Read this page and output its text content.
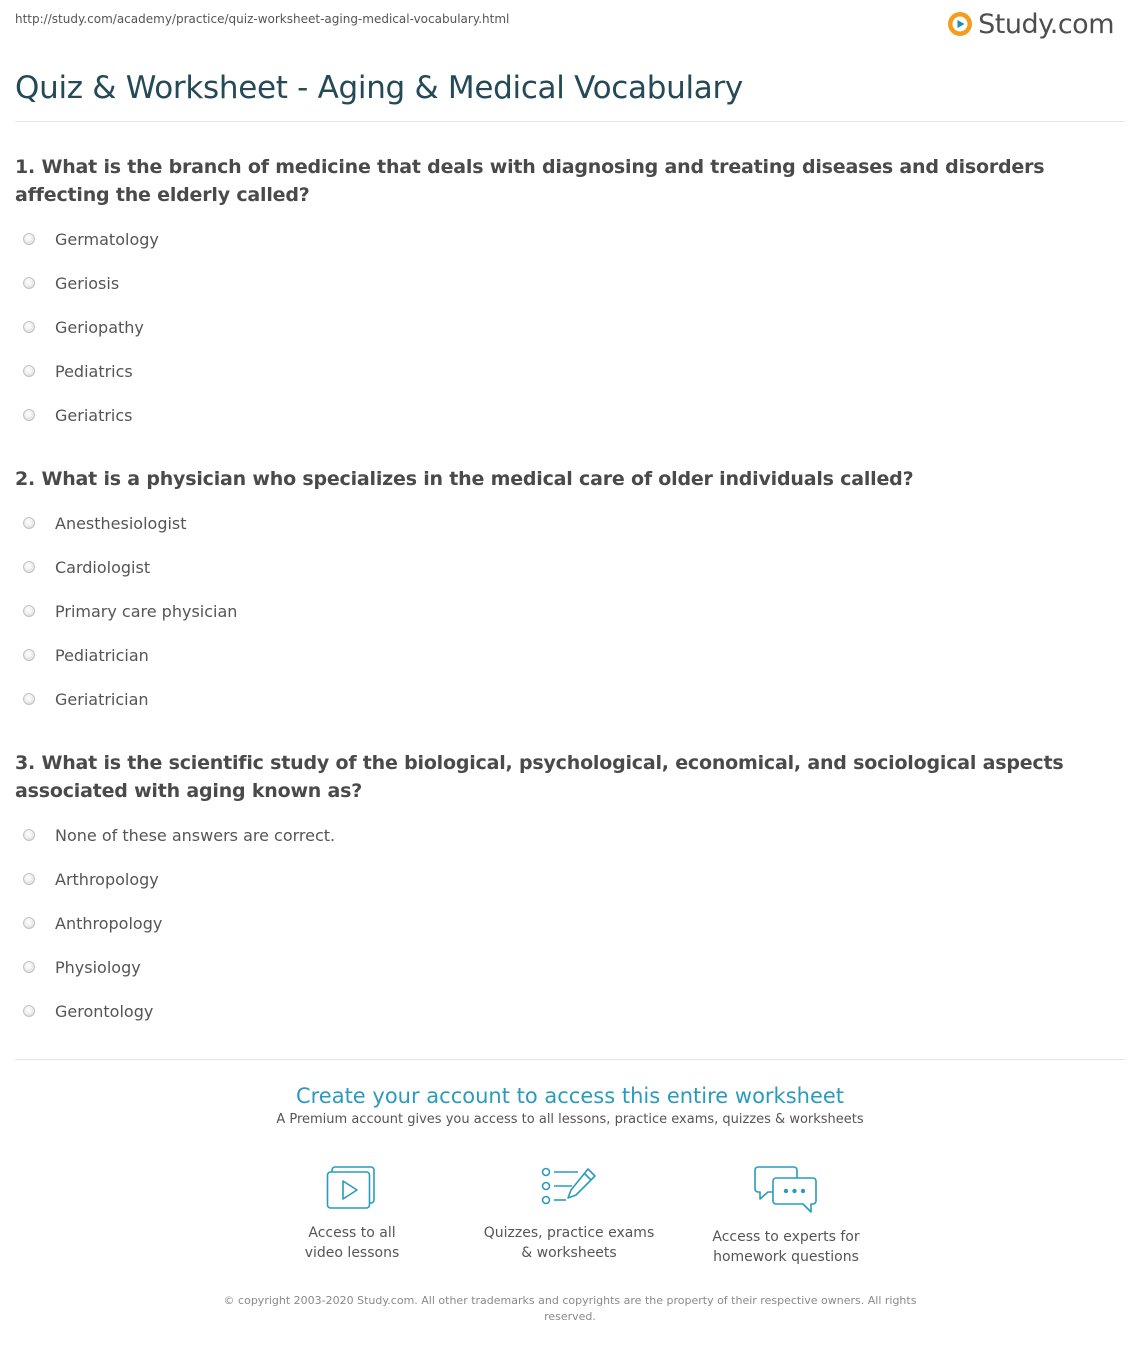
http://study.com/academy/practice/quiz-worksheet-aging-medical-vocabulary.html	Study.com
Quiz & Worksheet - Aging & Medical Vocabulary

1. What is the branch of medicine that deals with diagnosing and treating diseases and disorders affecting the elderly called?

Germatology
Geriosis
Geriopathy
Pediatrics
Geriatrics

2. What is a physician who specializes in the medical care of older individuals called?

Anesthesiologist
Cardiologist
Primary care physician
Pediatrician
Geriatrician

3. What is the scientific study of the biological, psychological, economical, and sociological aspects associated with aging known as?

None of these answers are correct.
Arthropology
Anthropology
Physiology
Gerontology
Create your account to access this entire worksheet
A Premium account gives you access to all lessons, practice exams, quizzes & worksheets
Access to all
video lessons
Quizzes, practice exams
& worksheets
Access to experts for
homework questions
© copyright 2003-2020 Study.com. All other trademarks and copyrights are the property of their respective owners. All rights
reserved.
